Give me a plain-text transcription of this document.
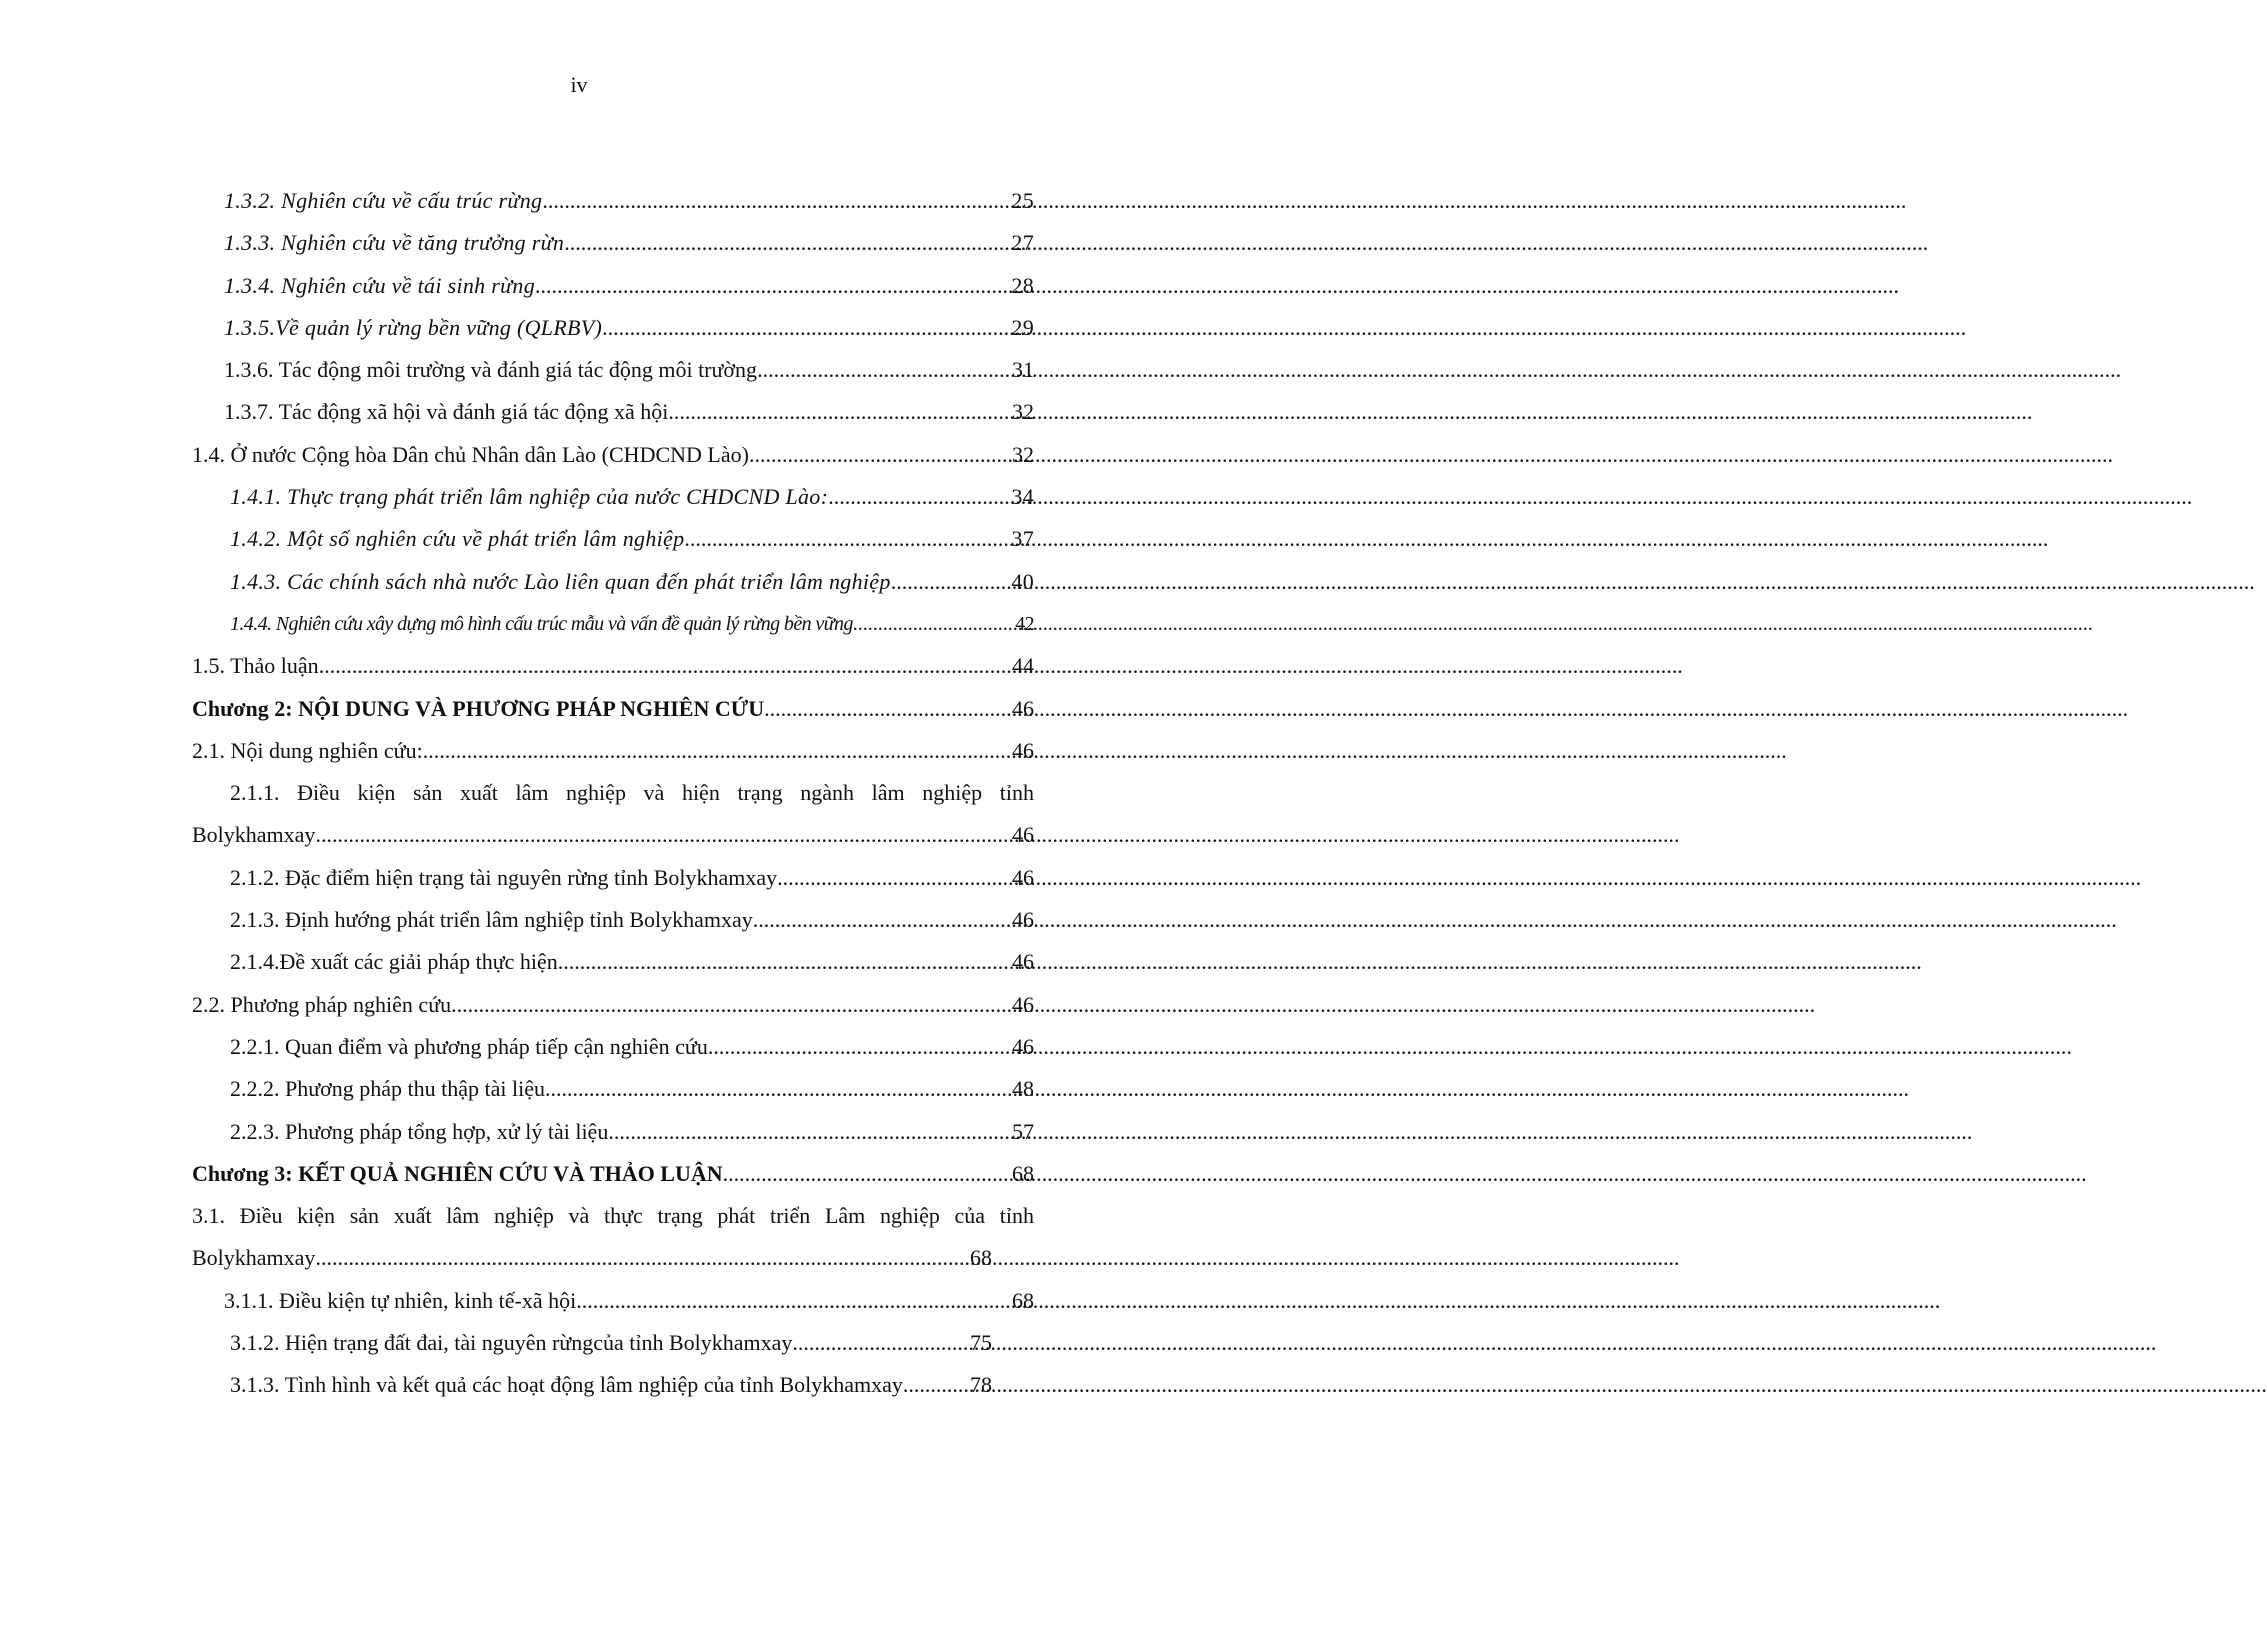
iv
1.3.2. Nghiên cứu về cấu trúc rừng .....	25
1.3.3. Nghiên cứu về tăng trưởng rừn .....	27
1.3.4. Nghiên cứu về tái sinh rừng .....	28
1.3.5.Về quản lý rừng bền vững (QLRBV) .....	29
1.3.6. Tác động môi trường và đánh giá tác động môi trường .....	31
1.3.7. Tác động xã hội và đánh giá tác động xã hội .....	32
1.4. Ở nước Cộng hòa Dân chủ Nhân dân Lào (CHDCND Lào) .....	32
1.4.1. Thực trạng phát triển lâm nghiệp của nước CHDCND Lào: .....	34
1.4.2. Một số nghiên cứu về phát triển lâm nghiệp .....	37
1.4.3. Các chính sách nhà nước Lào liên quan đến phát triển lâm nghiệp .....	40
1.4.4. Nghiên cứu xây dựng mô hình cấu trúc mẫu và vấn đề quản lý rừng bền vững .....	42
1.5. Thảo luận .....	44
Chương 2: NỘI DUNG VÀ PHƯƠNG PHÁP NGHIÊN CỨU .....	46
2.1. Nội dung nghiên cứu: .....	46
2.1.1. Điều kiện sản xuất lâm nghiệp và hiện trạng ngành lâm nghiệp tỉnh
Bolykhamxay .....	46
2.1.2. Đặc điểm hiện trạng tài nguyên rừng tỉnh Bolykhamxay .....	46
2.1.3. Định hướng phát triển lâm nghiệp tỉnh Bolykhamxay .....	46
2.1.4.Đề xuất các giải pháp thực hiện .....	46
2.2. Phương pháp nghiên cứu .....	46
2.2.1. Quan điểm và phương pháp tiếp cận nghiên cứu .....	46
2.2.2. Phương pháp thu thập tài liệu .....	48
2.2.3. Phương pháp tổng hợp, xử lý tài liệu .....	57
Chương 3: KẾT QUẢ NGHIÊN CỨU VÀ THẢO LUẬN .....	68
3.1. Điều kiện sản xuất lâm nghiệp và thực trạng phát triển Lâm nghiệp của tỉnh
Bolykhamxay .....	68
3.1.1. Điều kiện tự nhiên, kinh tế-xã hội .....	68
3.1.2. Hiện trạng đất đai, tài nguyên rừngcủa tỉnh Bolykhamxay .....	75
3.1.3. Tình hình và kết quả các hoạt động lâm nghiệp của tỉnh Bolykhamxay .....	78
